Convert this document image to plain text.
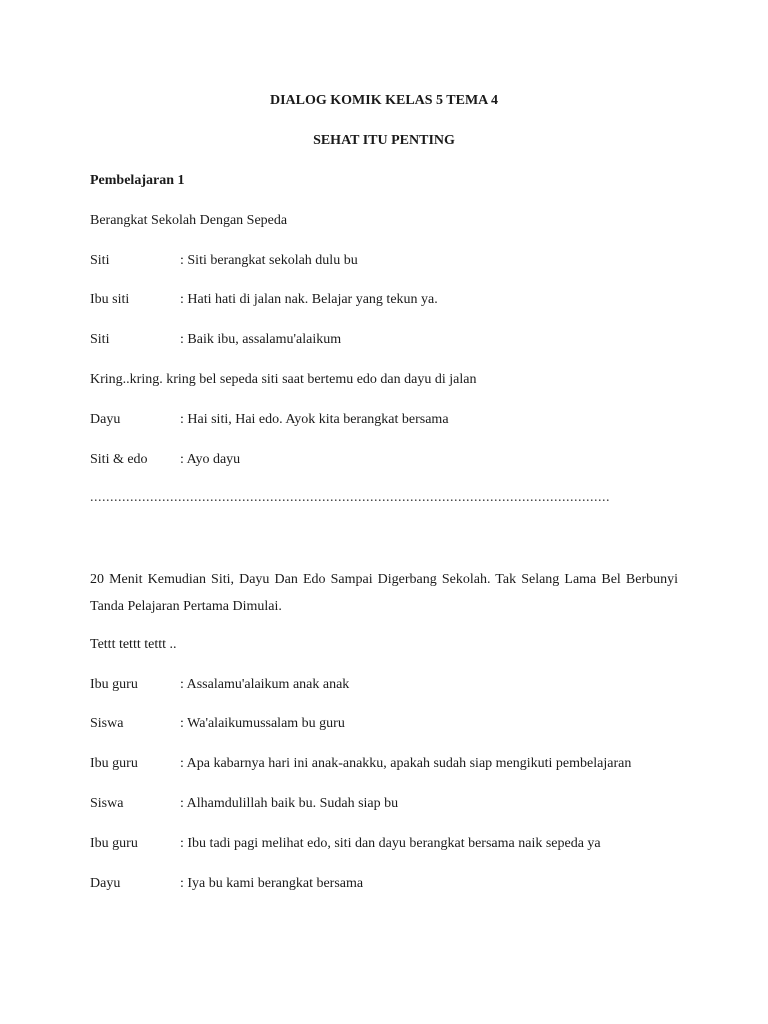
DIALOG KOMIK KELAS 5 TEMA 4
SEHAT ITU PENTING
Pembelajaran 1
Berangkat Sekolah Dengan Sepeda
Siti	: Siti berangkat sekolah dulu bu
Ibu siti	: Hati hati di jalan nak. Belajar yang tekun ya.
Siti	: Baik ibu, assalamu'alaikum
Kring..kring. kring bel sepeda siti saat bertemu edo dan dayu di jalan
Dayu	: Hai siti, Hai edo. Ayok kita berangkat bersama
Siti & edo : Ayo dayu
..................................................................................................................................
20 Menit Kemudian Siti, Dayu Dan Edo Sampai Digerbang Sekolah. Tak Selang Lama Bel Berbunyi Tanda Pelajaran Pertama Dimulai.
Tettt tettt tettt ..
Ibu guru	: Assalamu'alaikum anak anak
Siswa	: Wa'alaikumussalam bu guru
Ibu guru	: Apa kabarnya hari ini anak-anakku, apakah sudah siap mengikuti pembelajaran
Siswa	: Alhamdulillah baik bu. Sudah siap bu
Ibu guru	: Ibu tadi pagi melihat edo, siti dan dayu berangkat bersama naik sepeda ya
Dayu	: Iya bu kami berangkat bersama
